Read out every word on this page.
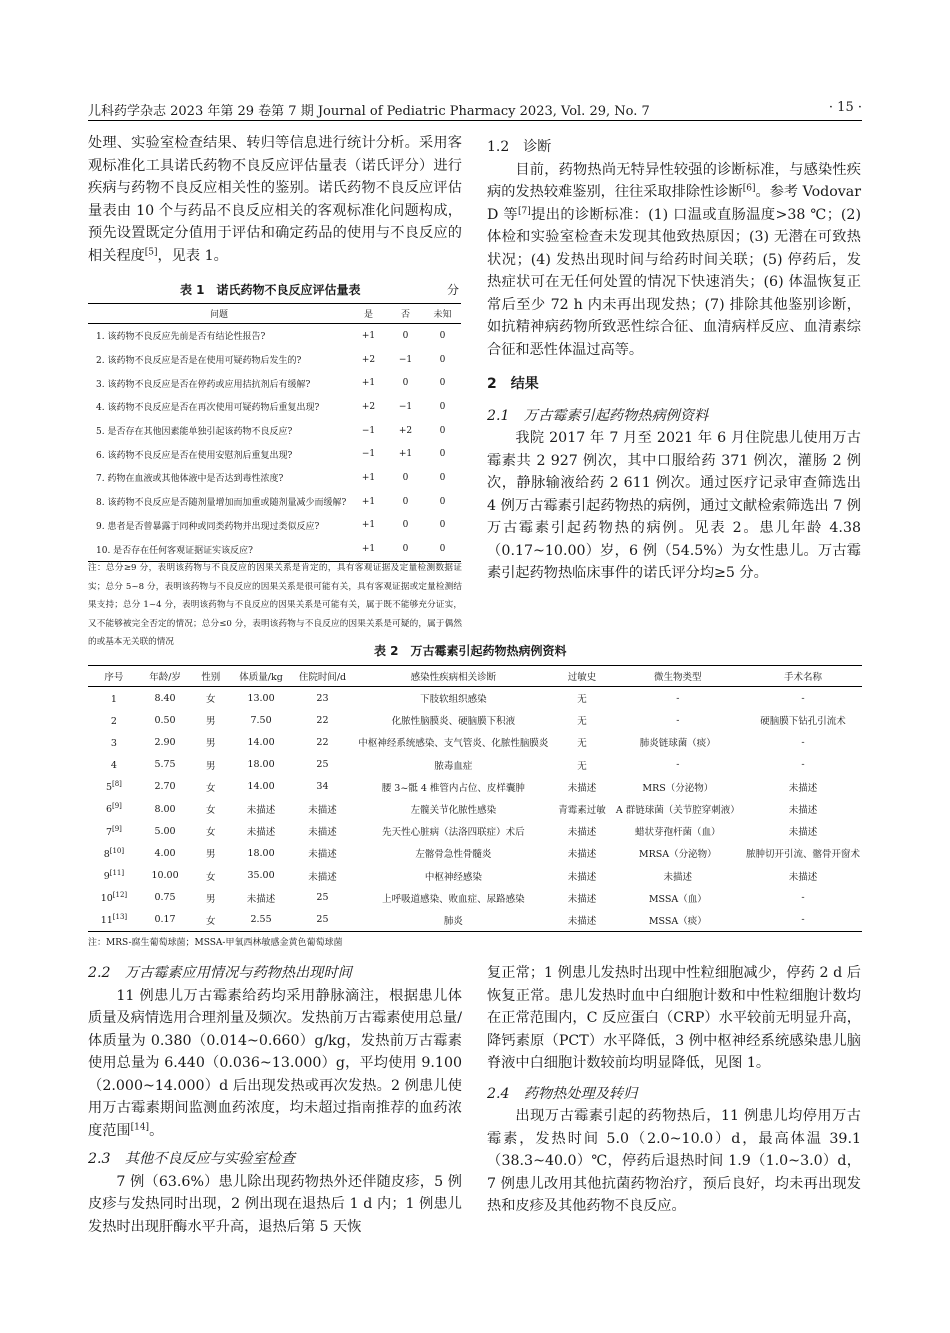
儿科药学杂志 2023 年第 29 卷第 7 期 Journal of Pediatric Pharmacy 2023, Vol. 29, No. 7	· 15 ·

处理、实验室检查结果、转归等信息进行统计分析。采用客观标准化工具诺氏药物不良反应评估量表（诺氏评分）进行疾病与药物不良反应相关性的鉴别。诺氏药物不良反应评估量表由 10 个与药品不良反应相关的客观标准化问题构成，预先设置既定分值用于评估和确定药品的使用与不良反应的相关程度[5]，见表 1。

表 1　诺氏药物不良反应评估量表	分
问题	是	否	未知
1. 该药物不良反应先前是否有结论性报告?	+1	0	0
2. 该药物不良反应是否是在使用可疑药物后发生的?	+2	−1	0
3. 该药物不良反应是否在停药或应用拮抗剂后有缓解?	+1	0	0
4. 该药物不良反应是否在再次使用可疑药物后重复出现?	+2	−1	0
5. 是否存在其他因素能单独引起该药物不良反应?	−1	+2	0
6. 该药物不良反应是否在使用安慰剂后重复出现?	−1	+1	0
7. 药物在血液或其他体液中是否达到毒性浓度?	+1	0	0
8. 该药物不良反应是否随剂量增加而加重或随剂量减少而缓解?	+1	0	0
9. 患者是否曾暴露于同种或同类药物并出现过类似反应?	+1	0	0
10. 是否存在任何客观证据证实该反应?	+1	0	0
注：总分≥9 分，表明该药物与不良反应的因果关系是肯定的，具有客观证据及定量检测数据证实；总分 5~8 分，表明该药物与不良反应的因果关系是很可能有关，具有客观证据或定量检测结果支持；总分 1~4 分，表明该药物与不良反应的因果关系是可能有关，属于既不能够充分证实，又不能够被完全否定的情况；总分≤0 分，表明该药物与不良反应的因果关系是可疑的，属于偶然的或基本无关联的情况

1.2　诊断

目前，药物热尚无特异性较强的诊断标准，与感染性疾病的发热较难鉴别，往往采取排除性诊断[6]。参考 Vodovar D 等[7]提出的诊断标准：(1) 口温或直肠温度>38 ℃；(2) 体检和实验室检查未发现其他致热原因；(3) 无潜在可致热状况；(4) 发热出现时间与给药时间关联；(5) 停药后，发热症状可在无任何处置的情况下快速消失；(6) 体温恢复正常后至少 72 h 内未再出现发热；(7) 排除其他鉴别诊断，如抗精神病药物所致恶性综合征、血清病样反应、血清素综合征和恶性体温过高等。

2　结果

2.1　万古霉素引起药物热病例资料

我院 2017 年 7 月至 2021 年 6 月住院患儿使用万古霉素共 2 927 例次，其中口服给药 371 例次，灌肠 2 例次，静脉输液给药 2 611 例次。通过医疗记录审查筛选出 4 例万古霉素引起药物热的病例，通过文献检索筛选出 7 例万古霉素引起药物热的病例。见表 2。患儿年龄 4.38（0.17~10.00）岁，6 例（54.5%）为女性患儿。万古霉素引起药物热临床事件的诺氏评分均≥5 分。

表 2　万古霉素引起药物热病例资料
序号	年龄/岁	性别	体质量/kg	住院时间/d	感染性疾病相关诊断	过敏史	微生物类型	手术名称
1	8.40	女	13.00	23	下肢软组织感染	无	-	-
2	0.50	男	7.50	22	化脓性脑膜炎、硬脑膜下积液	无	-	硬脑膜下钻孔引流术
3	2.90	男	14.00	22	中枢神经系统感染、支气管炎、化脓性脑膜炎	无	肺炎链球菌（痰）	-
4	5.75	男	18.00	25	脓毒血症	无	-	-
5[8]	2.70	女	14.00	34	腰 3~骶 4 椎管内占位、皮样囊肿	未描述	MRS（分泌物）	未描述
6[9]	8.00	女	未描述	未描述	左髋关节化脓性感染	青霉素过敏	A 群链球菌（关节腔穿刺液）	未描述
7[9]	5.00	女	未描述	未描述	先天性心脏病（法洛四联症）术后	未描述	蜡状芽孢杆菌（血）	未描述
8[10]	4.00	男	18.00	未描述	左髂骨急性骨髓炎	未描述	MRSA（分泌物）	脓肿切开引流、髂骨开窗术
9[11]	10.00	女	35.00	未描述	中枢神经感染	未描述	未描述	未描述
10[12]	0.75	男	未描述	25	上呼吸道感染、败血症、尿路感染	未描述	MSSA（血）	-
11[13]	0.17	女	2.55	25	肺炎	未描述	MSSA（痰）	-
注：MRS-腐生葡萄球菌；MSSA-甲氧西林敏感金黄色葡萄球菌

2.2　万古霉素应用情况与药物热出现时间

11 例患儿万古霉素给药均采用静脉滴注，根据患儿体质量及病情选用合理剂量及频次。发热前万古霉素使用总量/体质量为 0.380（0.014~0.660）g/kg，发热前万古霉素使用总量为 6.440（0.036~13.000）g，平均使用 9.100（2.000~14.000）d 后出现发热或再次发热。2 例患儿使用万古霉素期间监测血药浓度，均未超过指南推荐的血药浓度范围[14]。

2.3　其他不良反应与实验室检查

7 例（63.6%）患儿除出现药物热外还伴随皮疹，5 例皮疹与发热同时出现，2 例出现在退热后 1 d 内；1 例患儿发热时出现肝酶水平升高，退热后第 5 天恢

复正常；1 例患儿发热时出现中性粒细胞减少，停药 2 d 后恢复正常。患儿发热时血中白细胞计数和中性粒细胞计数均在正常范围内，C 反应蛋白（CRP）水平较前无明显升高，降钙素原（PCT）水平降低，3 例中枢神经系统感染患儿脑脊液中白细胞计数较前均明显降低，见图 1。

2.4　药物热处理及转归

出现万古霉素引起的药物热后，11 例患儿均停用万古霉素，发热时间 5.0（2.0~10.0）d，最高体温 39.1（38.3~40.0）℃，停药后退热时间 1.9（1.0~3.0）d，7 例患儿改用其他抗菌药物治疗，预后良好，均未再出现发热和皮疹及其他药物不良反应。
